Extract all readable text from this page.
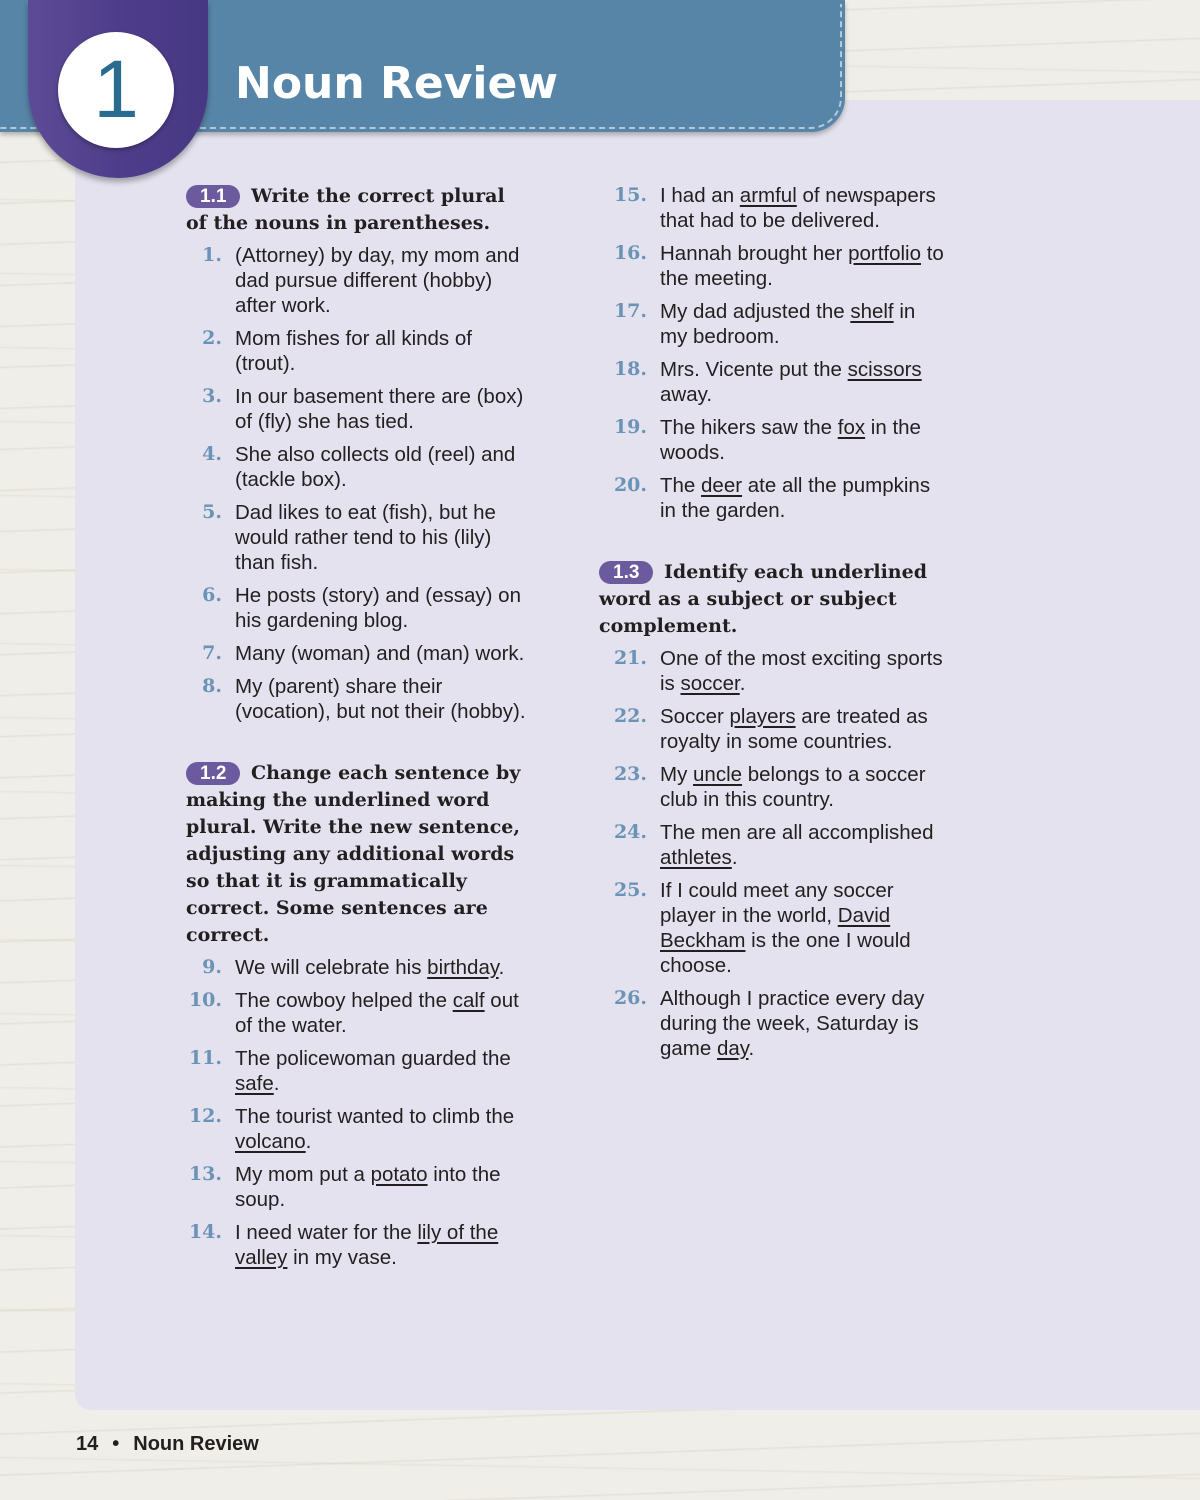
1	Noun Review

1.1 Write the correct plural of the nouns in parentheses.

1. (Attorney) by day, my mom and dad pursue different (hobby) after work.
2. Mom fishes for all kinds of (trout).
3. In our basement there are (box) of (fly) she has tied.
4. She also collects old (reel) and (tackle box).
5. Dad likes to eat (fish), but he would rather tend to his (lily) than fish.
6. He posts (story) and (essay) on his gardening blog.
7. Many (woman) and (man) work.
8. My (parent) share their (vocation), but not their (hobby).

1.2 Change each sentence by making the underlined word plural. Write the new sentence, adjusting any additional words so that it is grammatically correct. Some sentences are correct.

9. We will celebrate his birthday.
10. The cowboy helped the calf out of the water.
11. The policewoman guarded the safe.
12. The tourist wanted to climb the volcano.
13. My mom put a potato into the soup.
14. I need water for the lily of the valley in my vase.
15. I had an armful of newspapers that had to be delivered.
16. Hannah brought her portfolio to the meeting.
17. My dad adjusted the shelf in my bedroom.
18. Mrs. Vicente put the scissors away.
19. The hikers saw the fox in the woods.
20. The deer ate all the pumpkins in the garden.

1.3 Identify each underlined word as a subject or subject complement.

21. One of the most exciting sports is soccer.
22. Soccer players are treated as royalty in some countries.
23. My uncle belongs to a soccer club in this country.
24. The men are all accomplished athletes.
25. If I could meet any soccer player in the world, David Beckham is the one I would choose.
26. Although I practice every day during the week, Saturday is game day.
14 • Noun Review
